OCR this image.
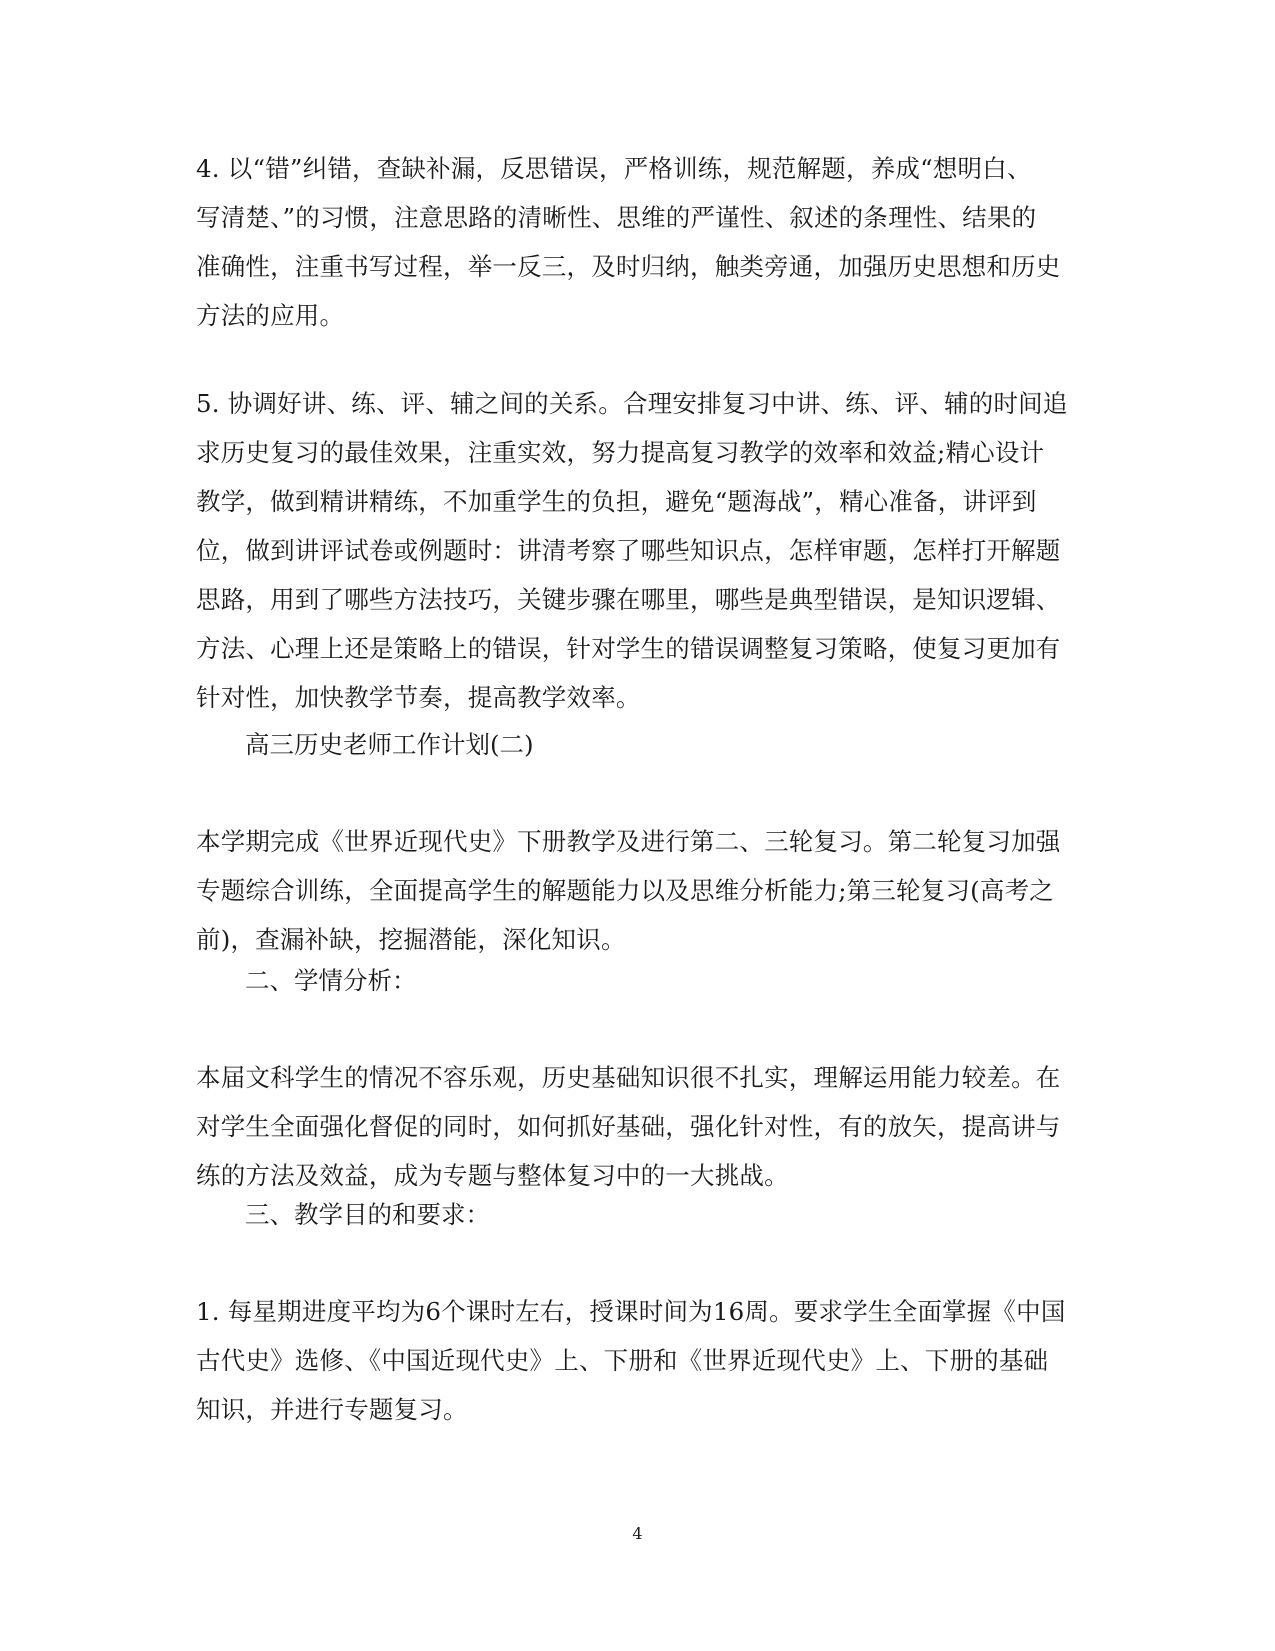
4. 以“错”纠错，查缺补漏，反思错误，严格训练，规范解题，养成“想明白、
写清楚、”的习惯，注意思路的清晰性、思维的严谨性、叙述的条理性、结果的
准确性，注重书写过程，举一反三，及时归纳，触类旁通，加强历史思想和历史
方法的应用。
5. 协调好讲、练、评、辅之间的关系。合理安排复习中讲、练、评、辅的时间追
求历史复习的最佳效果，注重实效，努力提高复习教学的效率和效益;精心设计
教学，做到精讲精练，不加重学生的负担，避免“题海战”，精心准备，讲评到
位，做到讲评试卷或例题时：讲清考察了哪些知识点，怎样审题，怎样打开解题
思路，用到了哪些方法技巧，关键步骤在哪里，哪些是典型错误，是知识逻辑、
方法、心理上还是策略上的错误，针对学生的错误调整复习策略，使复习更加有
针对性，加快教学节奏，提高教学效率。
高三历史老师工作计划(二)
本学期完成《世界近现代史》下册教学及进行第二、三轮复习。第二轮复习加强
专题综合训练，全面提高学生的解题能力以及思维分析能力;第三轮复习(高考之
前)，查漏补缺，挖掘潜能，深化知识。
二、学情分析：
本届文科学生的情况不容乐观，历史基础知识很不扎实，理解运用能力较差。在
对学生全面强化督促的同时，如何抓好基础，强化针对性，有的放矢，提高讲与
练的方法及效益，成为专题与整体复习中的一大挑战。
三、教学目的和要求：
1. 每星期进度平均为6个课时左右，授课时间为16周。要求学生全面掌握《中国
古代史》选修、《中国近现代史》上、下册和《世界近现代史》上、下册的基础
知识，并进行专题复习。
4
